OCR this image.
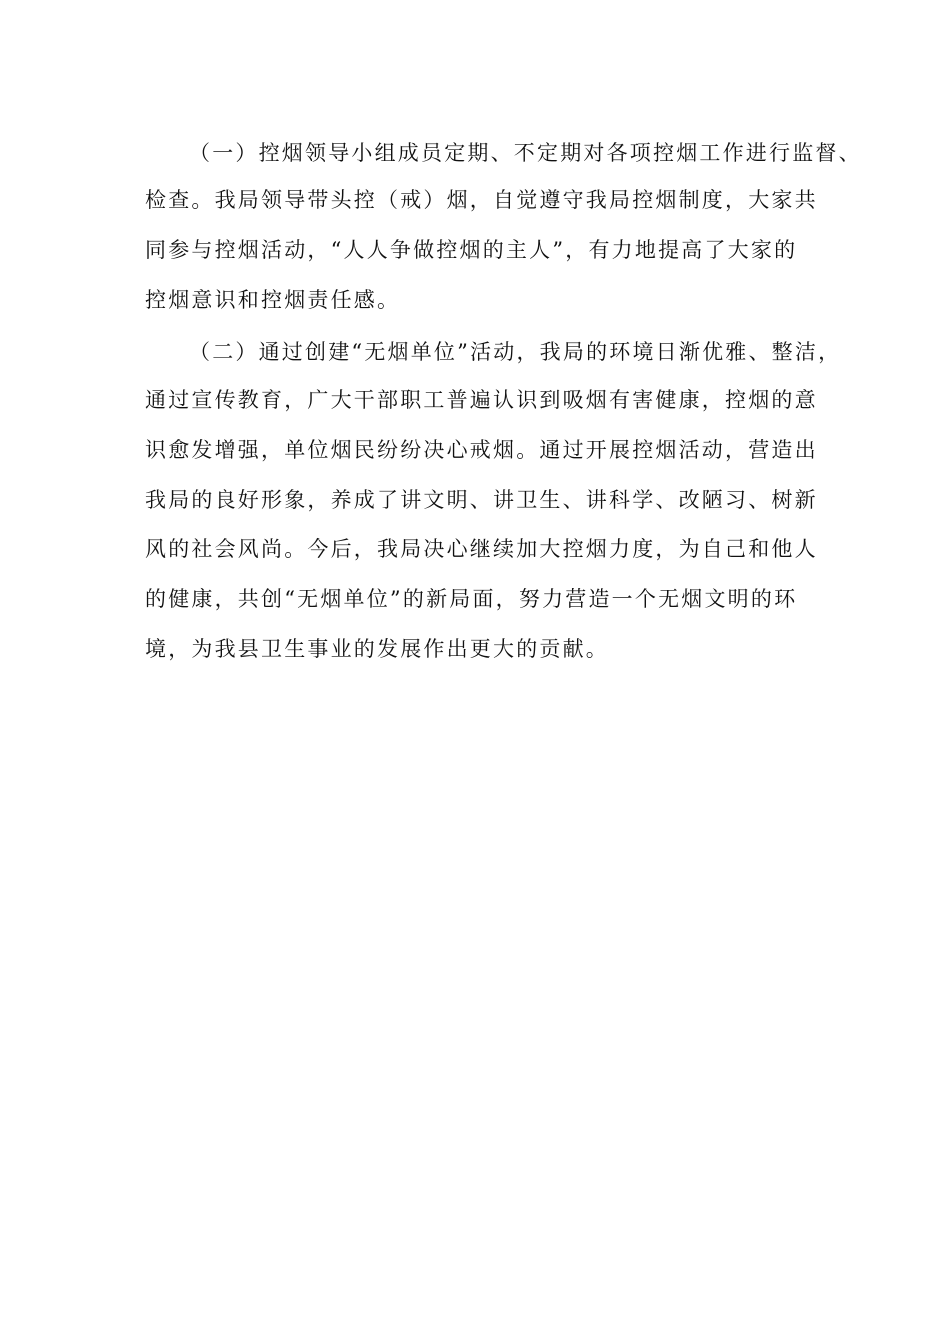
（一）控烟领导小组成员定期、不定期对各项控烟工作进行监督、

检查。我局领导带头控（戒）烟，自觉遵守我局控烟制度，大家共

同参与控烟活动，“人人争做控烟的主人”，有力地提高了大家的

控烟意识和控烟责任感。

（二）通过创建“无烟单位”活动，我局的环境日渐优雅、整洁，

通过宣传教育，广大干部职工普遍认识到吸烟有害健康，控烟的意

识愈发增强，单位烟民纷纷决心戒烟。通过开展控烟活动，营造出

我局的良好形象，养成了讲文明、讲卫生、讲科学、改陋习、树新

风的社会风尚。今后，我局决心继续加大控烟力度，为自己和他人

的健康，共创“无烟单位”的新局面，努力营造一个无烟文明的环

境，为我县卫生事业的发展作出更大的贡献。
